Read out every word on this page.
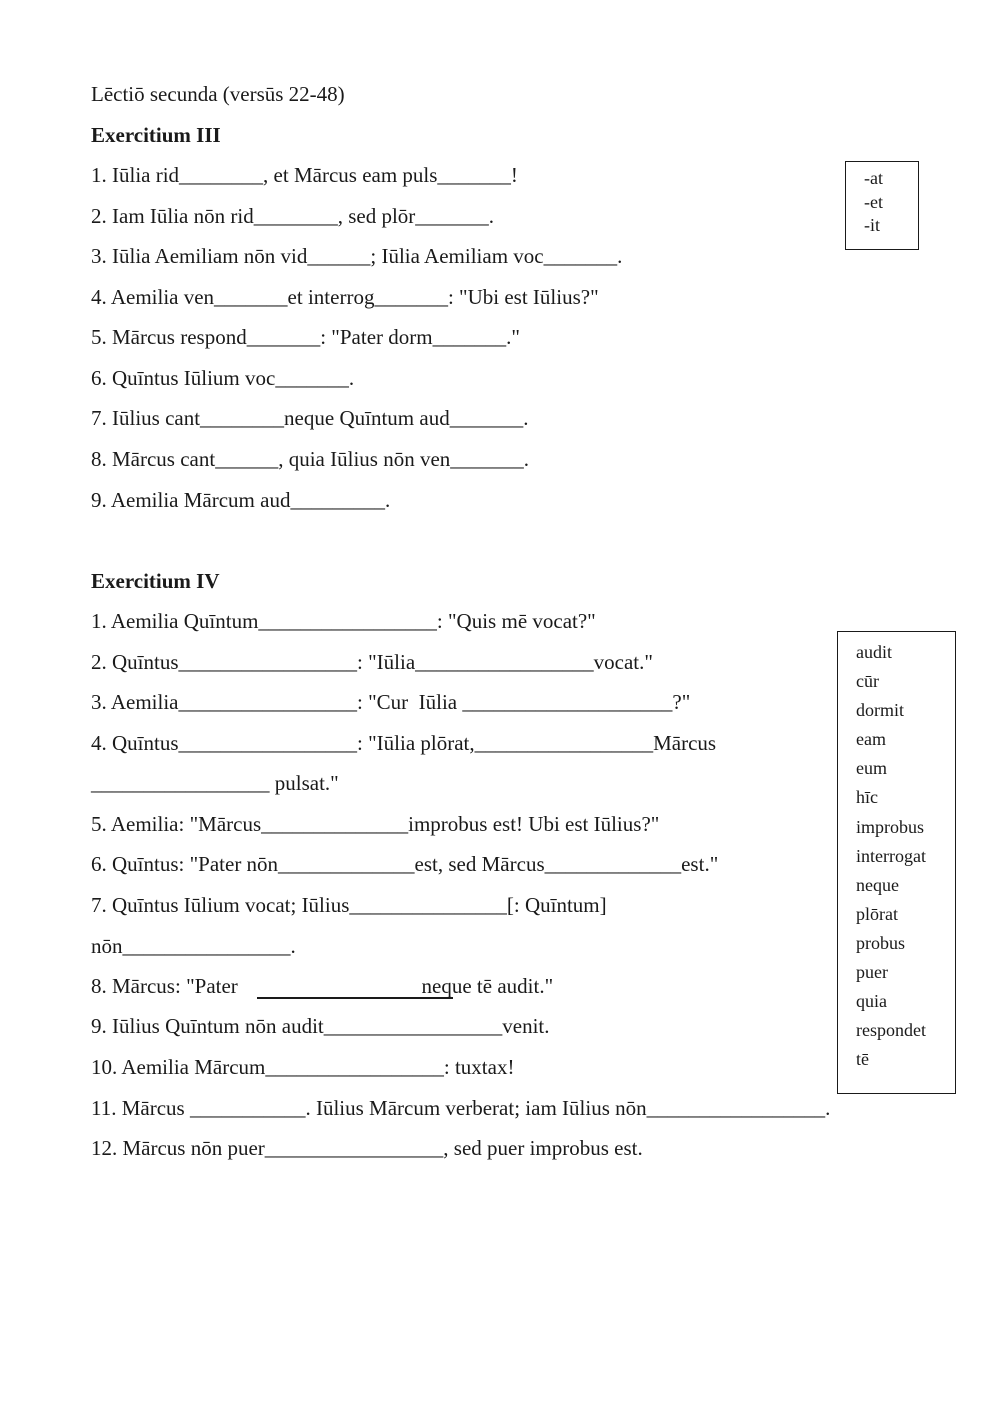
Lēctiō secunda (versūs 22-48)
Exercitium III
1. Iūlia rid________, et Mārcus eam puls_______!
2. Iam Iūlia nōn rid________, sed plōr_______.
3. Iūlia Aemiliam nōn vid______; Iūlia Aemiliam voc_______.
4. Aemilia ven_______et interrog_______: "Ubi est Iūlius?"
5. Mārcus respond_______: "Pater dorm_______."
6. Quīntus Iūlium voc_______.
7. Iūlius cant________neque Quīntum aud_______.
8. Mārcus cant______, quia Iūlius nōn ven_______.
9. Aemilia Mārcum aud_________.
-at
-et
-it
Exercitium IV
1. Aemilia Quīntum_________________: "Quis mē vocat?"
2. Quīntus_________________: "Iūlia_________________vocat."
3. Aemilia_________________: "Cur  Iūlia ____________________?"
4. Quīntus_________________: "Iūlia plōrat,_________________Mārcus
_________________ pulsat."
5. Aemilia: "Mārcus______________improbus est! Ubi est Iūlius?"
6. Quīntus: "Pater nōn_____________est, sed Mārcus_____________est."
7. Quīntus Iūlium vocat; Iūlius_______________[: Quīntum]
nōn________________.
8. Mārcus: "Pater                                   neque tē audit."
9. Iūlius Quīntum nōn audit_________________venit.
10. Aemilia Mārcum_________________: tuxtax!
11. Mārcus ___________. Iūlius Mārcum verberat; iam Iūlius nōn_________________.
12. Mārcus nōn puer_________________, sed puer improbus est.
audit
cūr
dormit
eam
eum
hīc
improbus
interrogat
neque
plōrat
probus
puer
quia
respondet
tē
